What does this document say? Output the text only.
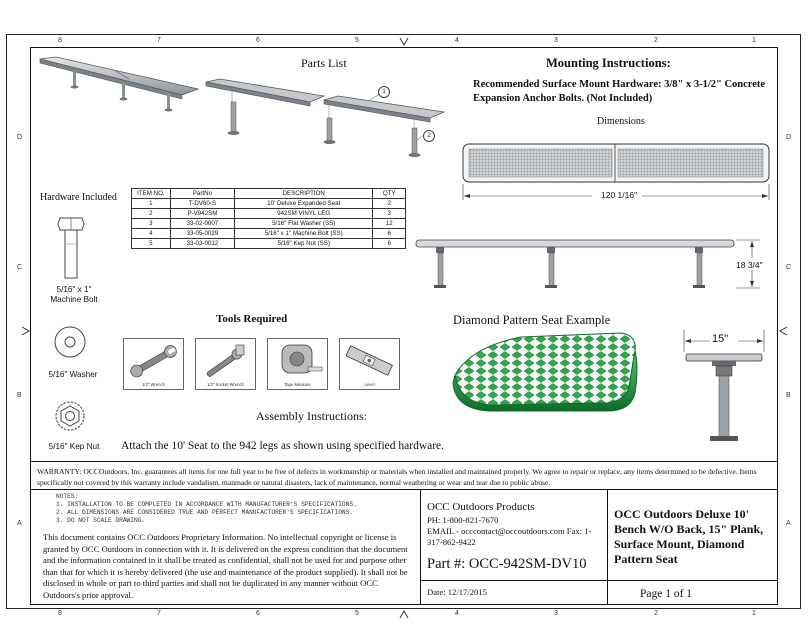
8	7	6	5	4	3	2	1
8	7	6	5	4	3	2	1
D
C
B
A
D
C
B
A
Parts List
1
2
Mounting Instructions:
Recommended Surface Mount Hardware: 3/8" x 3-1/2" Concrete Expansion Anchor Bolts. (Not Included)
Dimensions
120 1/16"
18 3/4"
Hardware Included
5/16" x 1" Machine Bolt
5/16" Washer
5/16" Kep Nut
ITEM NO.	PartNo	DESCRIPTION	QTY
1	T-DV60-S	10' Deluxe Expanded Seat	2
2	P-V942SM	942SM VINYL LEG	3
3	33-02-0007	5/16" Flat Washer (SS)	12
4	33-05-0029	5/16" x 1" Machine Bolt (SS)	6
5	33-03-0012	5/16" Kep Nut (SS)	6
Tools Required
1/2" Wrench	1/2" Socket Wrench	Tape Measure	Level
Diamond Pattern Seat Example
15"
Assembly Instructions:
Attach the 10' Seat to the 942 legs as shown using specified hardware.
WARRANTY: OCCOutdoors, Inc. guarantees all items for one full year to be free of defects in workmanship or materials when installed and maintained properly. We agree to repair or replace, any items determined to be defective. Items specifically not covered by this warranty include vandalism, manmade or natural disasters, lack of maintenance, normal weathering or wear and tear due to public abuse.
NOTES:
1. INSTALLATION TO BE COMPLETED IN ACCORDANCE WITH MANUFACTURER'S SPECIFICATIONS.
2. ALL DIMENSIONS ARE CONSIDERED TRUE AND PERFECT MANUFACTURER'S SPECIFICATIONS.
3. DO NOT SCALE DRAWING.
This document contains OCC Outdoors Proprietary Information. No intellectual copyright or license is granted by OCC Outdoors in connection with it. It is delivered on the express condition that the document and the information contained in it shall be treated as confidential, shall not be used for and purpose other than that for which it is hereby delivered (the use and maintenance of the product supplied). It shall not be disclosed in whole or part to third parties and shall not be duplicated in any manner without OCC Outdoors's prior approval.
OCC Outdoors Products
PH: 1-800-821-7670
EMAIL - occcontact@occoutdoors.com Fax: 1-317-862-9422
Part #: OCC-942SM-DV10
Date: 12/17/2015
OCC Outdoors Deluxe 10' Bench W/O Back, 15" Plank, Surface Mount, Diamond Pattern Seat
Page 1 of 1
